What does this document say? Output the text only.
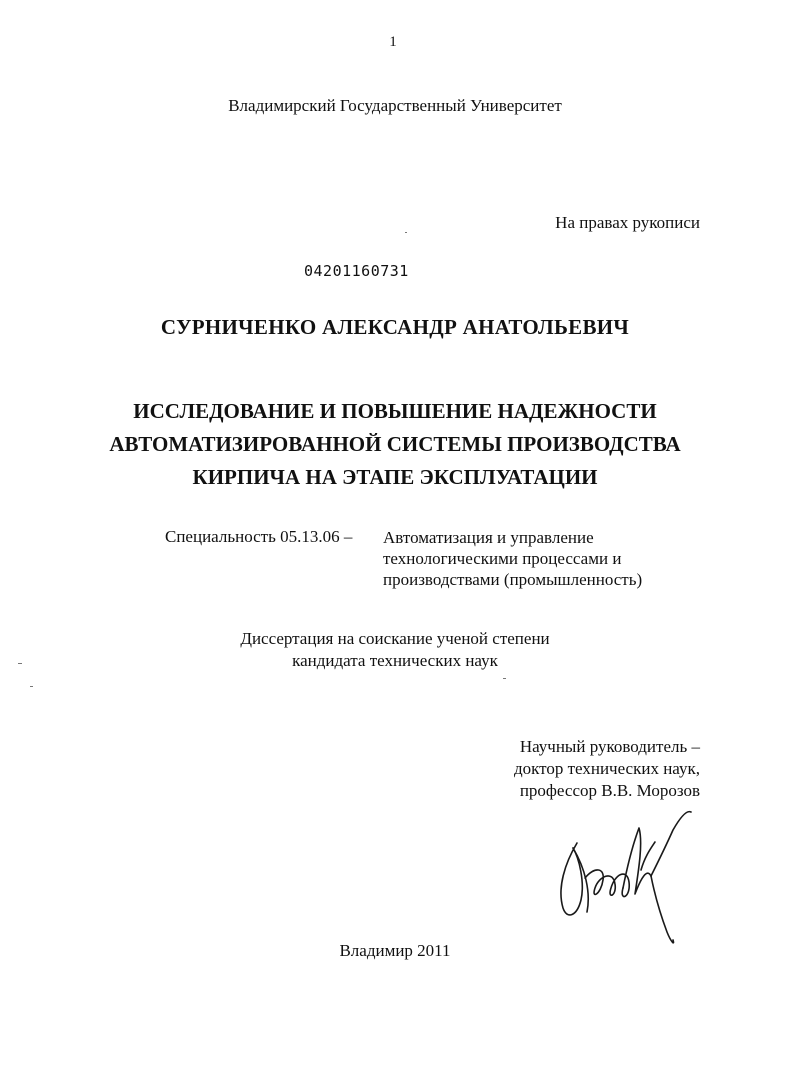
1
Владимирский Государственный Университет
На правах рукописи
04201160731
СУРНИЧЕНКО АЛЕКСАНДР АНАТОЛЬЕВИЧ
ИССЛЕДОВАНИЕ И ПОВЫШЕНИЕ НАДЕЖНОСТИ
АВТОМАТИЗИРОВАННОЙ СИСТЕМЫ ПРОИЗВОДСТВА
КИРПИЧА НА ЭТАПЕ ЭКСПЛУАТАЦИИ
Специальность 05.13.06 – Автоматизация и управление
технологическими процессами и
производствами (промышленность)
Диссертация на соискание ученой степени
кандидата технических наук
Научный руководитель –
доктор технических наук,
профессор В.В. Морозов
Владимир 2011
